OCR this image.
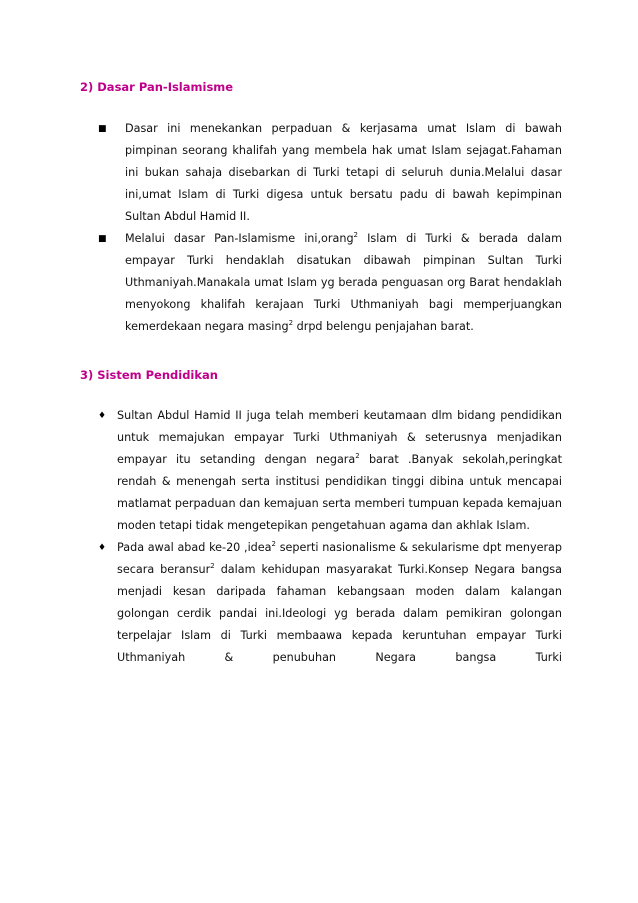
2) Dasar Pan-Islamisme
■ Dasar ini menekankan perpaduan & kerjasama umat Islam di bawah pimpinan seorang khalifah yang membela hak umat Islam sejagat.Fahaman ini bukan sahaja disebarkan di Turki tetapi di seluruh dunia.Melalui dasar ini,umat Islam di Turki digesa untuk bersatu padu di bawah kepimpinan Sultan Abdul Hamid II.
■ Melalui dasar Pan-Islamisme ini,orang$^2$ Islam di Turki & berada dalam empayar Turki hendaklah disatukan dibawah pimpinan Sultan Turki Uthmaniyah.Manakala umat Islam yg berada penguasan org Barat hendaklah menyokong khalifah kerajaan Turki Uthmaniyah bagi memperjuangkan kemerdekaan negara masing$^2$ drpd belengu penjajahan barat.
3) Sistem Pendidikan
♦ Sultan Abdul Hamid II juga telah memberi keutamaan dlm bidang pendidikan untuk memajukan empayar Turki Uthmaniyah & seterusnya menjadikan empayar itu setanding dengan negara$^2$ barat .Banyak sekolah,peringkat rendah & menengah serta institusi pendidikan tinggi dibina untuk mencapai matlamat perpaduan dan kemajuan serta memberi tumpuan kepada kemajuan moden tetapi tidak mengetepikan pengetahuan agama dan akhlak Islam.
♦ Pada awal abad ke-20 ,idea$^2$ seperti nasionalisme & sekularisme dpt menyerap secara beransur$^2$ dalam kehidupan masyarakat Turki.Konsep Negara bangsa menjadi kesan daripada fahaman kebangsaan moden dalam kalangan golongan cerdik pandai ini.Ideologi yg berada dalam pemikiran golongan terpelajar Islam di Turki membaawa kepada keruntuhan empayar Turki Uthmaniyah & penubuhan Negara bangsa Turki
